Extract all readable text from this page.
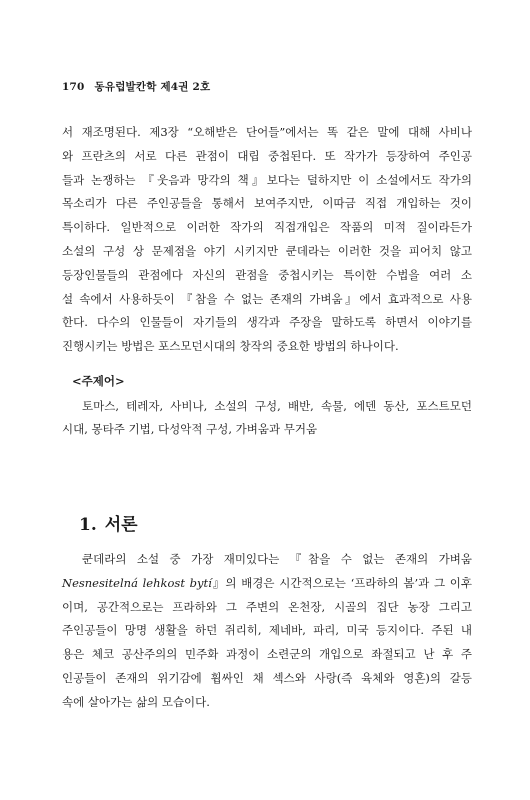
170 동유럽발칸학 제4권 2호
서 재조명된다. 제3장 “오해받은 단어들”에서는 똑 같은 말에 대해 사비나
와 프란츠의 서로 다른 관점이 대립 중첩된다. 또 작가가 등장하여 주인공
들과 논쟁하는 『웃음과 망각의 책』보다는 덜하지만 이 소설에서도 작가의
목소리가 다른 주인공들을 통해서 보여주지만, 이따금 직접 개입하는 것이
특이하다. 일반적으로 이러한 작가의 직접개입은 작품의 미적 질이라든가
소설의 구성 상 문제점을 야기 시키지만 쿤데라는 이러한 것을 피어치 않고
등장인물들의 관점에다 자신의 관점을 중첩시키는 특이한 수법을 여러 소
설 속에서 사용하듯이 『참을 수 없는 존재의 가벼움』에서 효과적으로 사용
한다. 다수의 인물들이 자기들의 생각과 주장을 말하도록 하면서 이야기를
진행시키는 방법은 포스모던시대의 창작의 중요한 방법의 하나이다.
<주제어>
토마스, 테레자, 사비나, 소설의 구성, 배반, 속물, 에덴 동산, 포스트모던
시대, 몽타주 기법, 다성악적 구성, 가벼움과 무거움
1. 서론
쿤데라의 소설 중 가장 재미있다는 『참을 수 없는 존재의 가벼움
Nesnesitelná lehkost bytí』의 배경은 시간적으로는 ‘프라하의 봄’과 그 이후
이며, 공간적으로는 프라하와 그 주변의 온천장, 시골의 집단 농장 그리고
주인공들이 망명 생활을 하던 쥐리히, 제네바, 파리, 미국 등지이다. 주된 내
용은 체코 공산주의의 민주화 과정이 소련군의 개입으로 좌절되고 난 후 주
인공들이 존재의 위기감에 휩싸인 채 섹스와 사랑(즉 육체와 영혼)의 갈등
속에 살아가는 삶의 모습이다.
